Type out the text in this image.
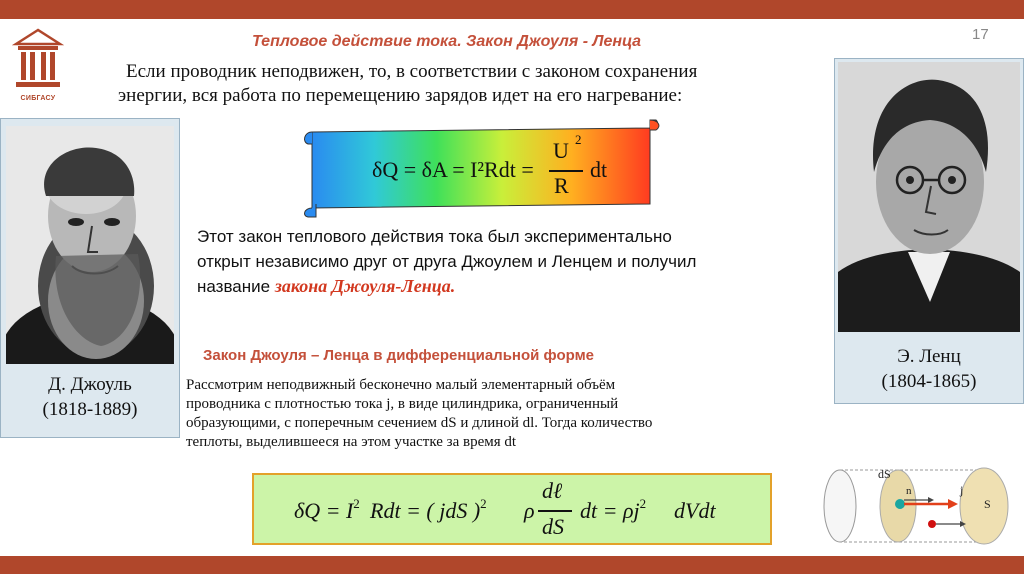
СИБГАСУ
Тепловое действие тока. Закон Джоуля - Ленца	17
Если проводник неподвижен, то, в соответствии с законом сохранения
энергии, вся работа по перемещению зарядов идет на его нагревание:
δQ = δA = I²Rdt =
U 2
R
dt
Этот закон теплового действия тока был экспериментально
открыт независимо друг от друга Джоулем и Ленцем и получил
название закона Джоуля-Ленца.
Закон Джоуля – Ленца в дифференциальной форме
Рассмотрим неподвижный бесконечно малый элементарный объём
проводника с плотностью тока j, в виде цилиндрика, ограниченный
образующими, с поперечным сечением dS и длиной dl. Тогда количество
теплоты, выделившееся на этом участке за время dt
Д. Джоуль
(1818-1889)
Э. Ленц
(1804-1865)
$\delta Q = I^2$ Rdt = ( jdS )$^2$ ρ
dℓ
dS
dt = $\rho j^2$ dVdt
dS
n	j
S
